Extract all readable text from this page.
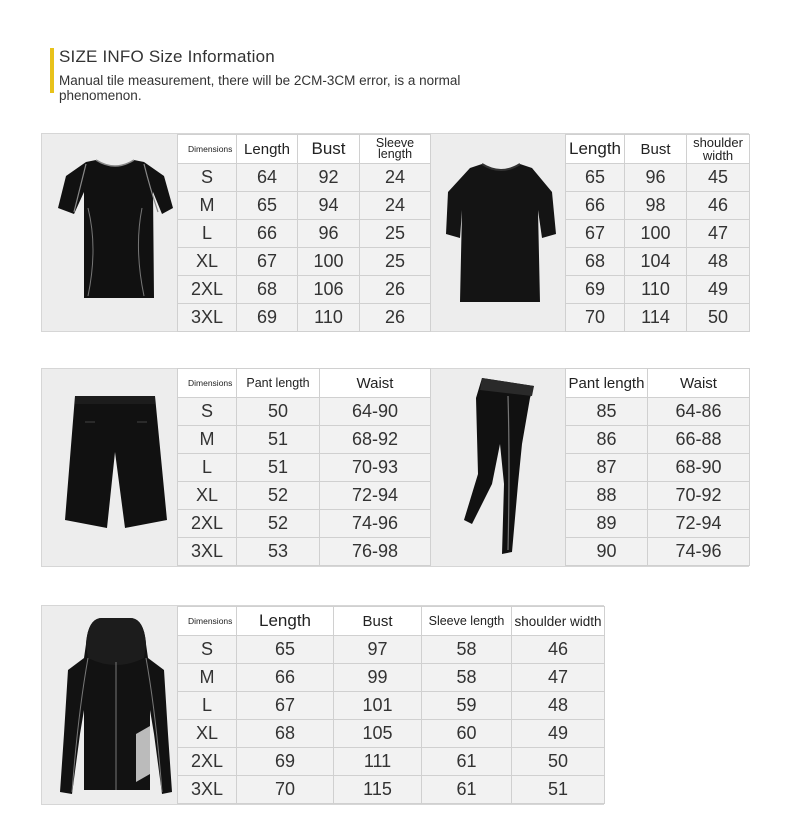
SIZE INFO Size Information
Manual tile measurement, there will be 2CM-3CM error, is a normal phenomenon.
Dimensions	Length	Bust	Sleeve length
S	64	92	24
M	65	94	24
L	66	96	25
XL	67	100	25
2XL	68	106	26
3XL	69	110	26
Length	Bust	shoulder width
65	96	45
66	98	46
67	100	47
68	104	48
69	110	49
70	114	50
Dimensions	Pant length	Waist
S	50	64-90
M	51	68-92
L	51	70-93
XL	52	72-94
2XL	52	74-96
3XL	53	76-98
Pant length	Waist
85	64-86
86	66-88
87	68-90
88	70-92
89	72-94
90	74-96
Dimensions	Length	Bust	Sleeve length	shoulder width
S	65	97	58	46
M	66	99	58	47
L	67	101	59	48
XL	68	105	60	49
2XL	69	111	61	50
3XL	70	115	61	51
